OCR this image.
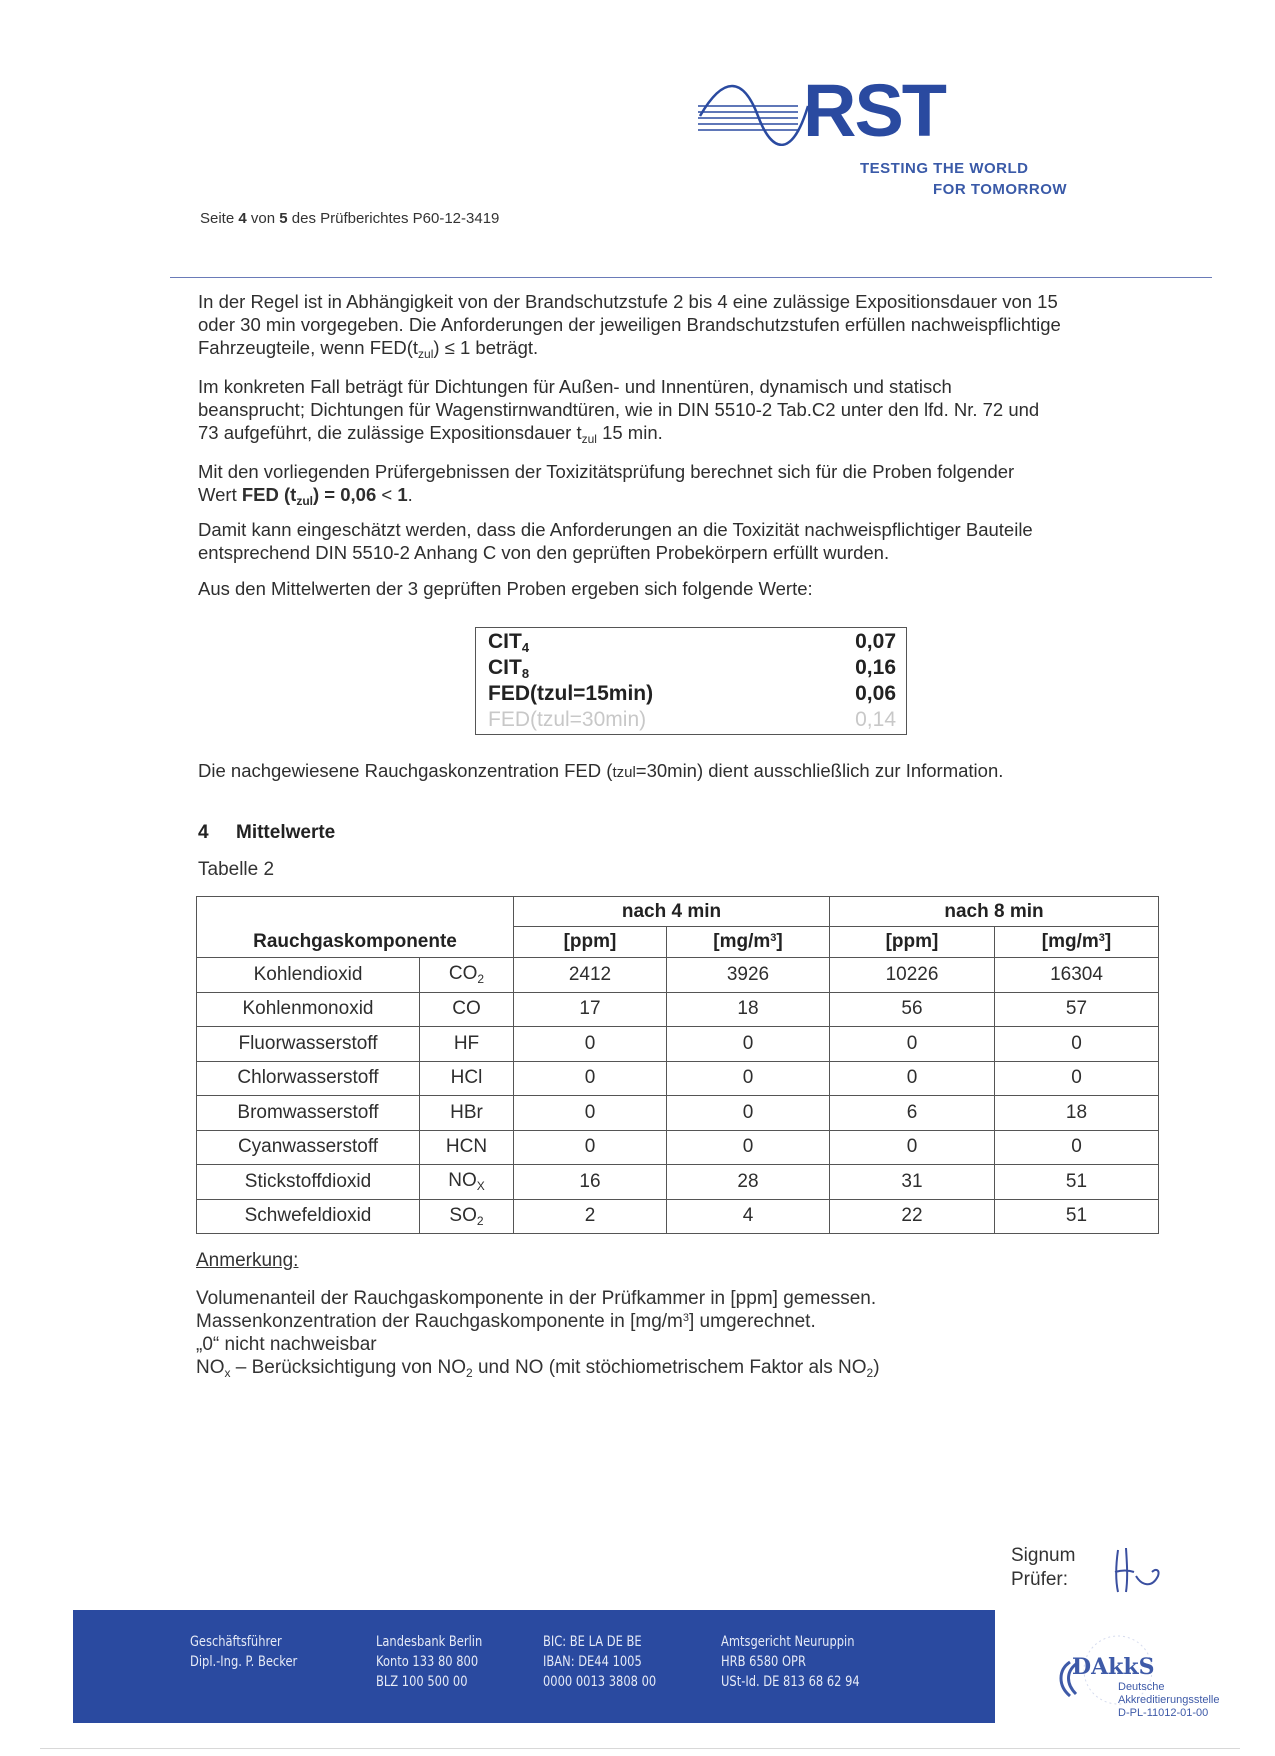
RST
TESTING THE WORLD
FOR TOMORROW
Seite 4 von 5 des Prüfberichtes P60-12-3419
In der Regel ist in Abhängigkeit von der Brandschutzstufe 2 bis 4 eine zulässige Expositionsdauer von 15
oder 30 min vorgegeben. Die Anforderungen der jeweiligen Brandschutzstufen erfüllen nachweispflichtige
Fahrzeugteile, wenn $FED(t_{zul}) \le 1$ beträgt.
Im konkreten Fall beträgt für Dichtungen für Außen- und Innentüren, dynamisch und statisch
beansprucht; Dichtungen für Wagenstirnwandtüren, wie in DIN 5510-2 Tab.C2 unter den lfd. Nr. 72 und
73 aufgeführt, die zulässige Expositionsdauer $t_{zul}$ 15 min.
Mit den vorliegenden Prüfergebnissen der Toxizitätsprüfung berechnet sich für die Proben folgender
Wert FED $(t_{zul}) = 0,06 < 1$.
Damit kann eingeschätzt werden, dass die Anforderungen an die Toxizität nachweispflichtiger Bauteile
entsprechend DIN 5510-2 Anhang C von den geprüften Probekörpern erfüllt wurden.
Aus den Mittelwerten der 3 geprüften Proben ergeben sich folgende Werte:
$CIT_4$	0,07
$CIT_8$	0,16
FED(tzul=15min)	0,06
FED(tzul=30min)	0,14
Die nachgewiesene Rauchgaskonzentration FED (tzul=30min) dient ausschließlich zur Information.
4 Mittelwerte
Tabelle 2
		nach 4 min		nach 8 min	
Rauchgaskomponente		[ppm]	$[mg/m^3]$	[ppm]	$[mg/m^3]$
Kohlendioxid	$CO_2$	2412	3926	10226	16304
Kohlenmonoxid	CO	17	18	56	57
Fluorwasserstoff	HF	0	0	0	0
Chlorwasserstoff	HCl	0	0	0	0
Bromwasserstoff	HBr	0	0	6	18
Cyanwasserstoff	HCN	0	0	0	0
Stickstoffdioxid	$NO_X$	16	28	31	51
Schwefeldioxid	$SO_2$	2	4	22	51
Anmerkung:
Volumenanteil der Rauchgaskomponente in der Prüfkammer in [ppm] gemessen.
Massenkonzentration der Rauchgaskomponente in $[mg/m^3]$ umgerechnet.
„0“ nicht nachweisbar
$NO_x$ – Berücksichtigung von $NO_2$ und NO (mit stöchiometrischem Faktor als $NO_2$)
Signum
Prüfer:
Geschäftsführer
Dipl.-Ing. P. Becker
Landesbank Berlin
Konto 133 80 800
BLZ 100 500 00
BIC: BE LA DE BE
IBAN: DE44 1005
0000 0013 3808 00
Amtsgericht Neuruppin
HRB 6580 OPR
USt-Id. DE 813 68 62 94
DAkkS
Deutsche
Akkreditierungsstelle
D-PL-11012-01-00
